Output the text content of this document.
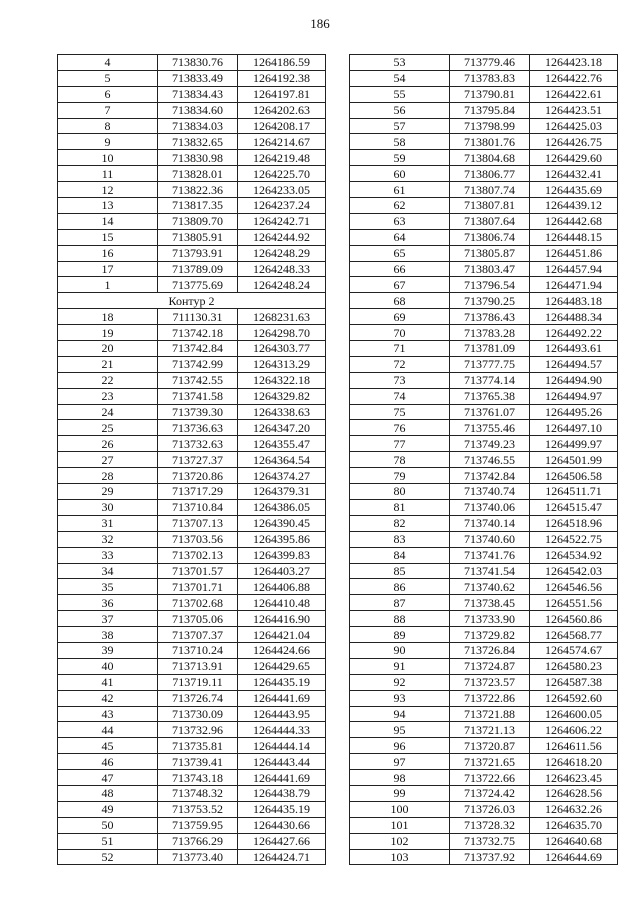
186
4	713830.76	1264186.59
5	713833.49	1264192.38
6	713834.43	1264197.81
7	713834.60	1264202.63
8	713834.03	1264208.17
9	713832.65	1264214.67
10	713830.98	1264219.48
11	713828.01	1264225.70
12	713822.36	1264233.05
13	713817.35	1264237.24
14	713809.70	1264242.71
15	713805.91	1264244.92
16	713793.91	1264248.29
17	713789.09	1264248.33
1	713775.69	1264248.24
Контур 2		
18	711130.31	1268231.63
19	713742.18	1264298.70
20	713742.84	1264303.77
21	713742.99	1264313.29
22	713742.55	1264322.18
23	713741.58	1264329.82
24	713739.30	1264338.63
25	713736.63	1264347.20
26	713732.63	1264355.47
27	713727.37	1264364.54
28	713720.86	1264374.27
29	713717.29	1264379.31
30	713710.84	1264386.05
31	713707.13	1264390.45
32	713703.56	1264395.86
33	713702.13	1264399.83
34	713701.57	1264403.27
35	713701.71	1264406.88
36	713702.68	1264410.48
37	713705.06	1264416.90
38	713707.37	1264421.04
39	713710.24	1264424.66
40	713713.91	1264429.65
41	713719.11	1264435.19
42	713726.74	1264441.69
43	713730.09	1264443.95
44	713732.96	1264444.33
45	713735.81	1264444.14
46	713739.41	1264443.44
47	713743.18	1264441.69
48	713748.32	1264438.79
49	713753.52	1264435.19
50	713759.95	1264430.66
51	713766.29	1264427.66
52	713773.40	1264424.71
53	713779.46	1264423.18
54	713783.83	1264422.76
55	713790.81	1264422.61
56	713795.84	1264423.51
57	713798.99	1264425.03
58	713801.76	1264426.75
59	713804.68	1264429.60
60	713806.77	1264432.41
61	713807.74	1264435.69
62	713807.81	1264439.12
63	713807.64	1264442.68
64	713806.74	1264448.15
65	713805.87	1264451.86
66	713803.47	1264457.94
67	713796.54	1264471.94
68	713790.25	1264483.18
69	713786.43	1264488.34
70	713783.28	1264492.22
71	713781.09	1264493.61
72	713777.75	1264494.57
73	713774.14	1264494.90
74	713765.38	1264494.97
75	713761.07	1264495.26
76	713755.46	1264497.10
77	713749.23	1264499.97
78	713746.55	1264501.99
79	713742.84	1264506.58
80	713740.74	1264511.71
81	713740.06	1264515.47
82	713740.14	1264518.96
83	713740.60	1264522.75
84	713741.76	1264534.92
85	713741.54	1264542.03
86	713740.62	1264546.56
87	713738.45	1264551.56
88	713733.90	1264560.86
89	713729.82	1264568.77
90	713726.84	1264574.67
91	713724.87	1264580.23
92	713723.57	1264587.38
93	713722.86	1264592.60
94	713721.88	1264600.05
95	713721.13	1264606.22
96	713720.87	1264611.56
97	713721.65	1264618.20
98	713722.66	1264623.45
99	713724.42	1264628.56
100	713726.03	1264632.26
101	713728.32	1264635.70
102	713732.75	1264640.68
103	713737.92	1264644.69
